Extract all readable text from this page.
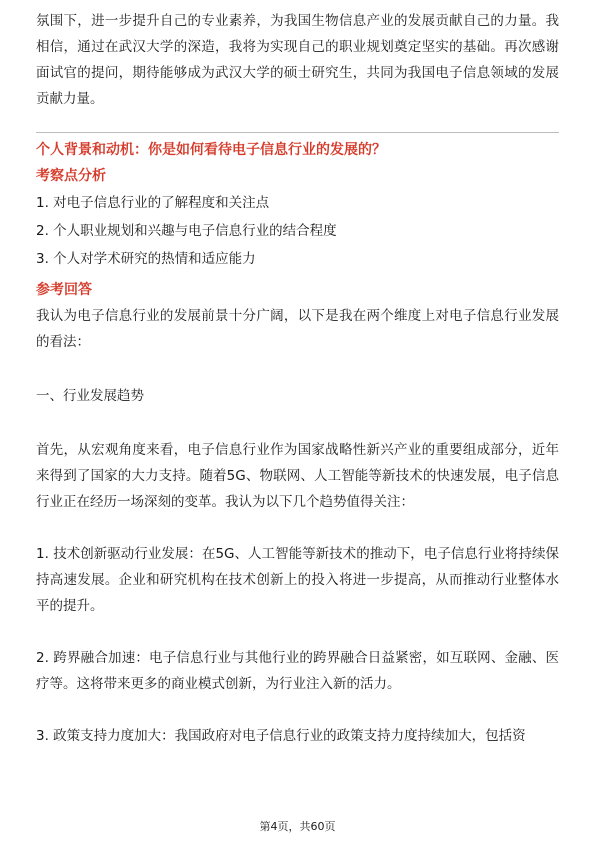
氛围下，进一步提升自己的专业素养，为我国生物信息产业的发展贡献自己的力量。我相信，通过在武汉大学的深造，我将为实现自己的职业规划奠定坚实的基础。再次感谢面试官的提问，期待能够成为武汉大学的硕士研究生，共同为我国电子信息领域的发展贡献力量。

个人背景和动机：你是如何看待电子信息行业的发展的？

考察点分析

1. 对电子信息行业的了解程度和关注点

2. 个人职业规划和兴趣与电子信息行业的结合程度

3. 个人对学术研究的热情和适应能力

参考回答

我认为电子信息行业的发展前景十分广阔，以下是我在两个维度上对电子信息行业发展的看法：

一、行业发展趋势

首先，从宏观角度来看，电子信息行业作为国家战略性新兴产业的重要组成部分，近年来得到了国家的大力支持。随着5G、物联网、人工智能等新技术的快速发展，电子信息行业正在经历一场深刻的变革。我认为以下几个趋势值得关注：

1. 技术创新驱动行业发展：在5G、人工智能等新技术的推动下，电子信息行业将持续保持高速发展。企业和研究机构在技术创新上的投入将进一步提高，从而推动行业整体水平的提升。

2. 跨界融合加速：电子信息行业与其他行业的跨界融合日益紧密，如互联网、金融、医疗等。这将带来更多的商业模式创新，为行业注入新的活力。

3. 政策支持力度加大：我国政府对电子信息行业的政策支持力度持续加大，包括资

第4页，共60页
